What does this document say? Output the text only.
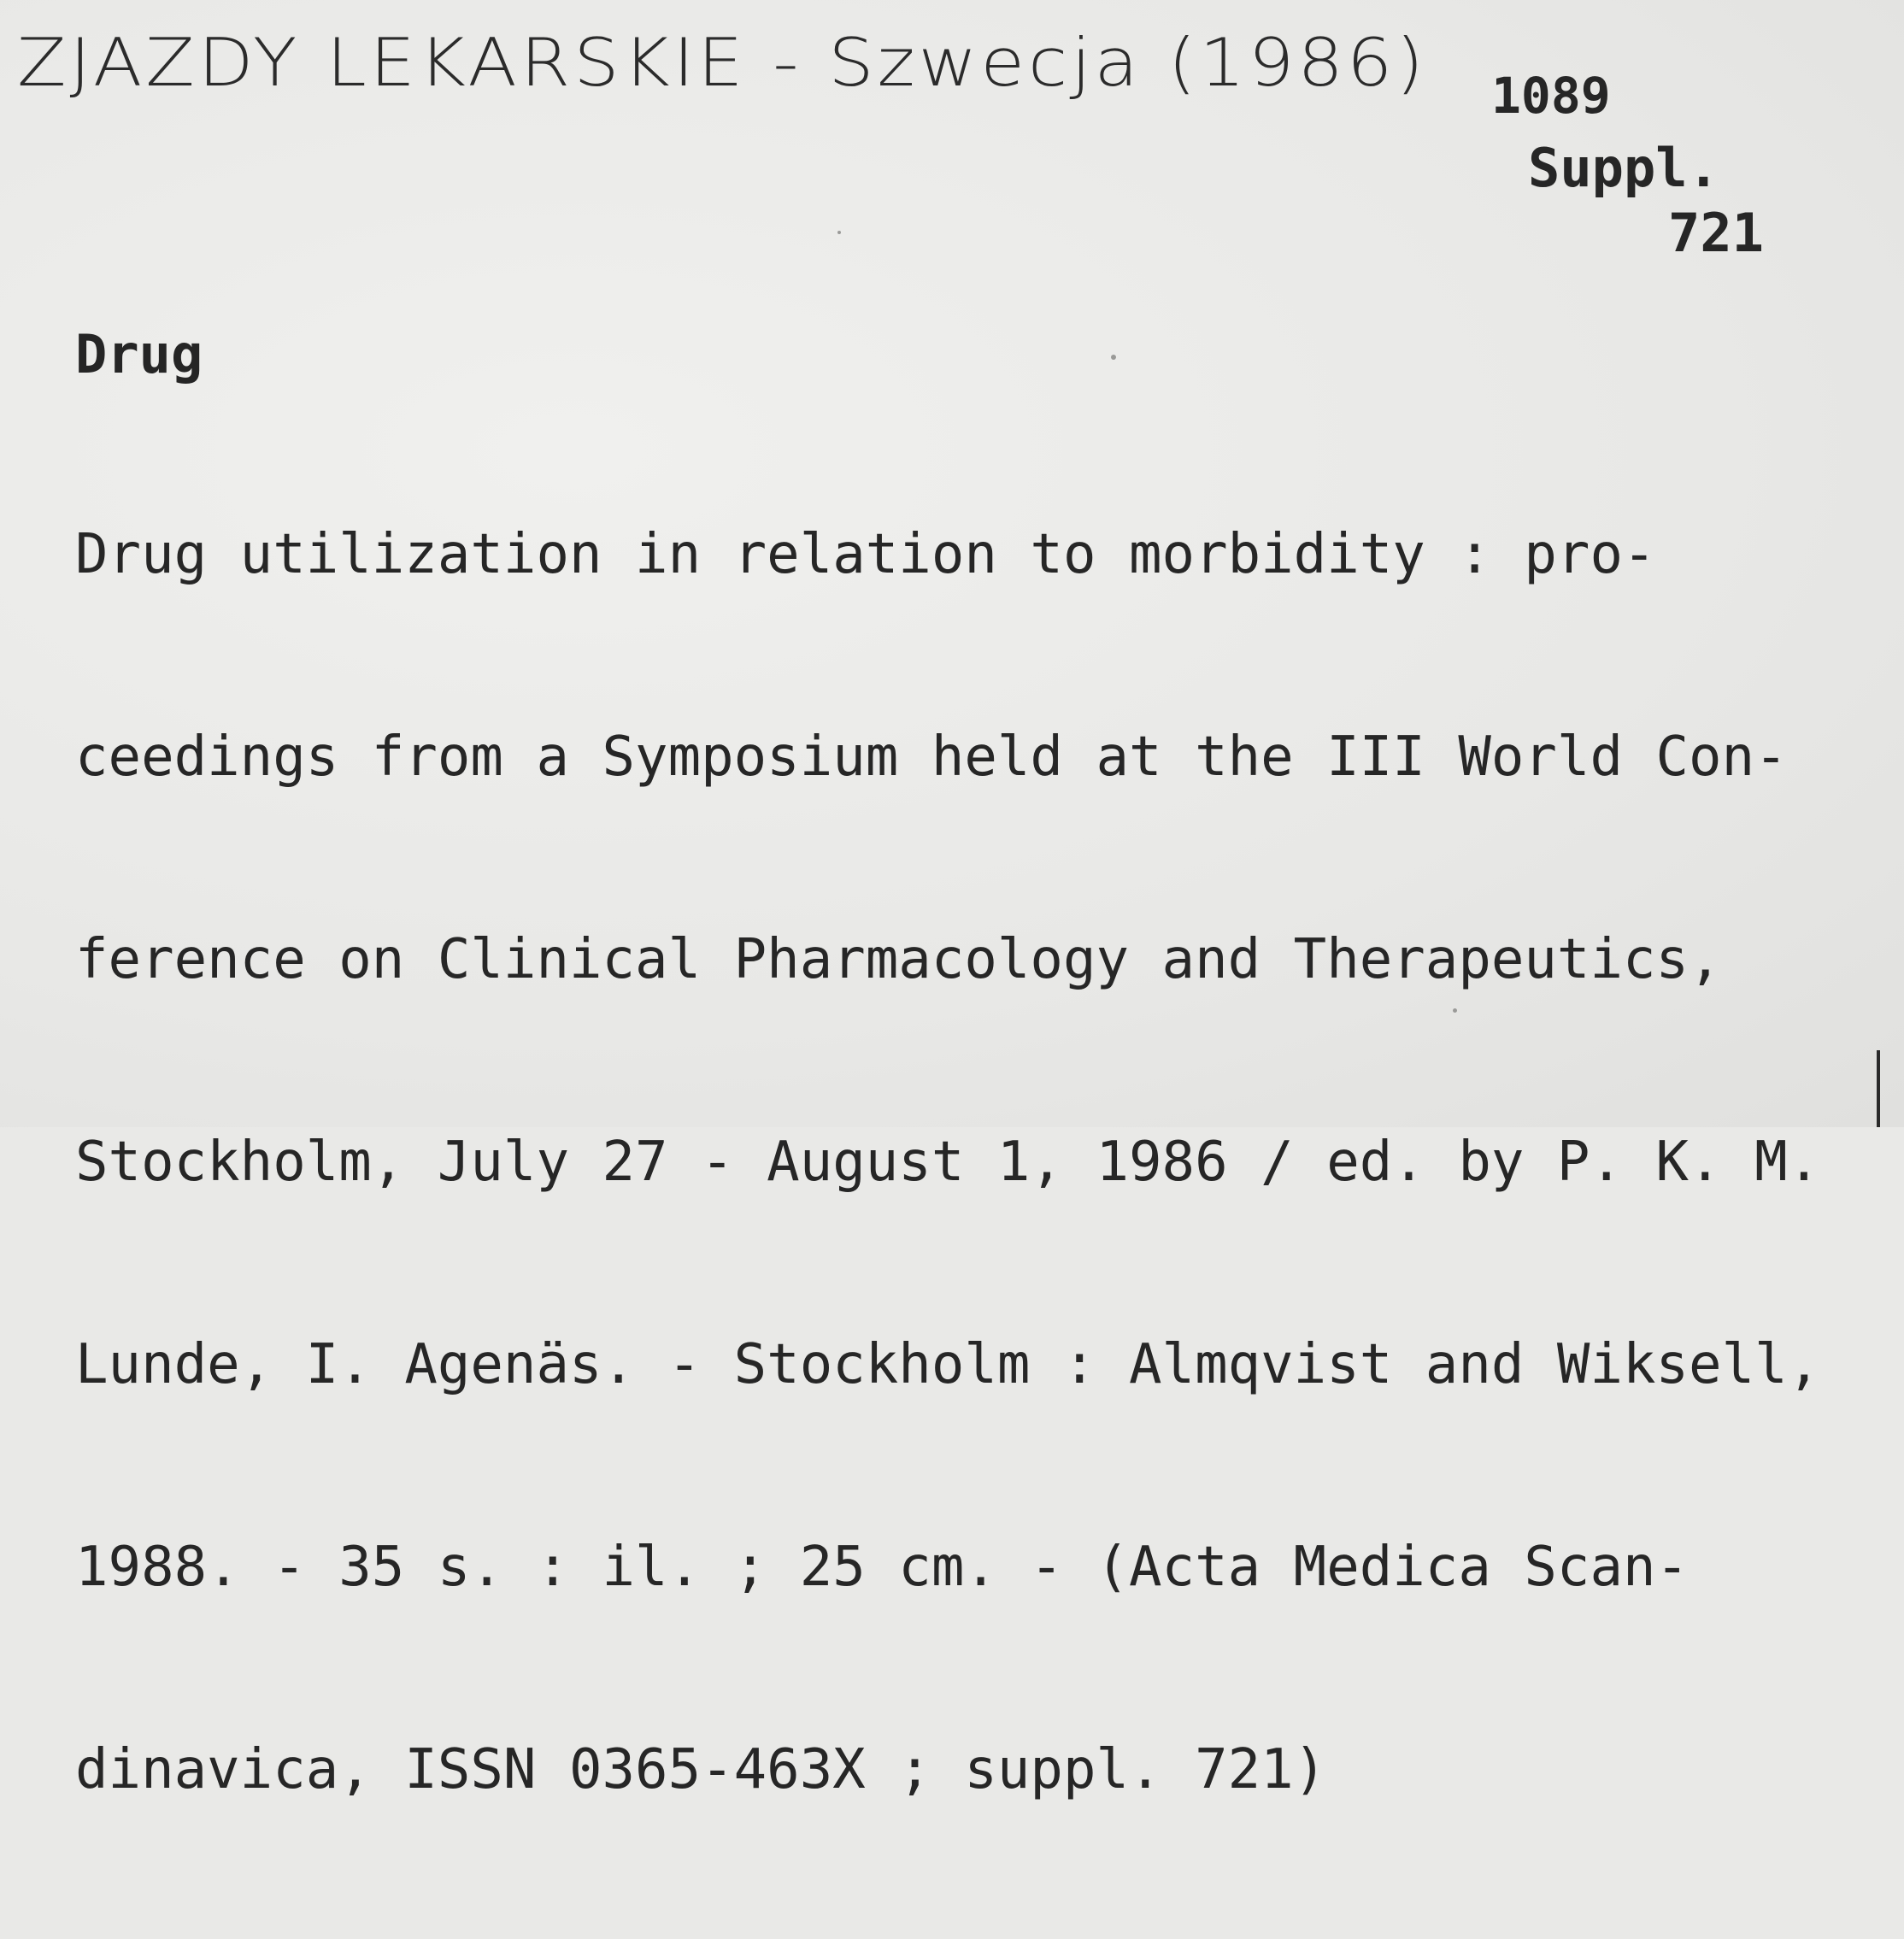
ZJAZDY LEKARSKIE - Szwecja (1986) 1089
Suppl.
721
Drug

Drug utilization in relation to morbidity : pro-

ceedings from a Symposium held at the III World Con-

ference on Clinical Pharmacology and Therapeutics,

Stockholm, July 27 - August 1, 1986 / ed. by P. K. M.

Lunde, I. Agenäs. - Stockholm : Almqvist and Wiksell,

1988. - 35 s. : il. ; 25 cm. - (Acta Medica Scan-

dinavica, ISSN 0365-463X ; suppl. 721)
